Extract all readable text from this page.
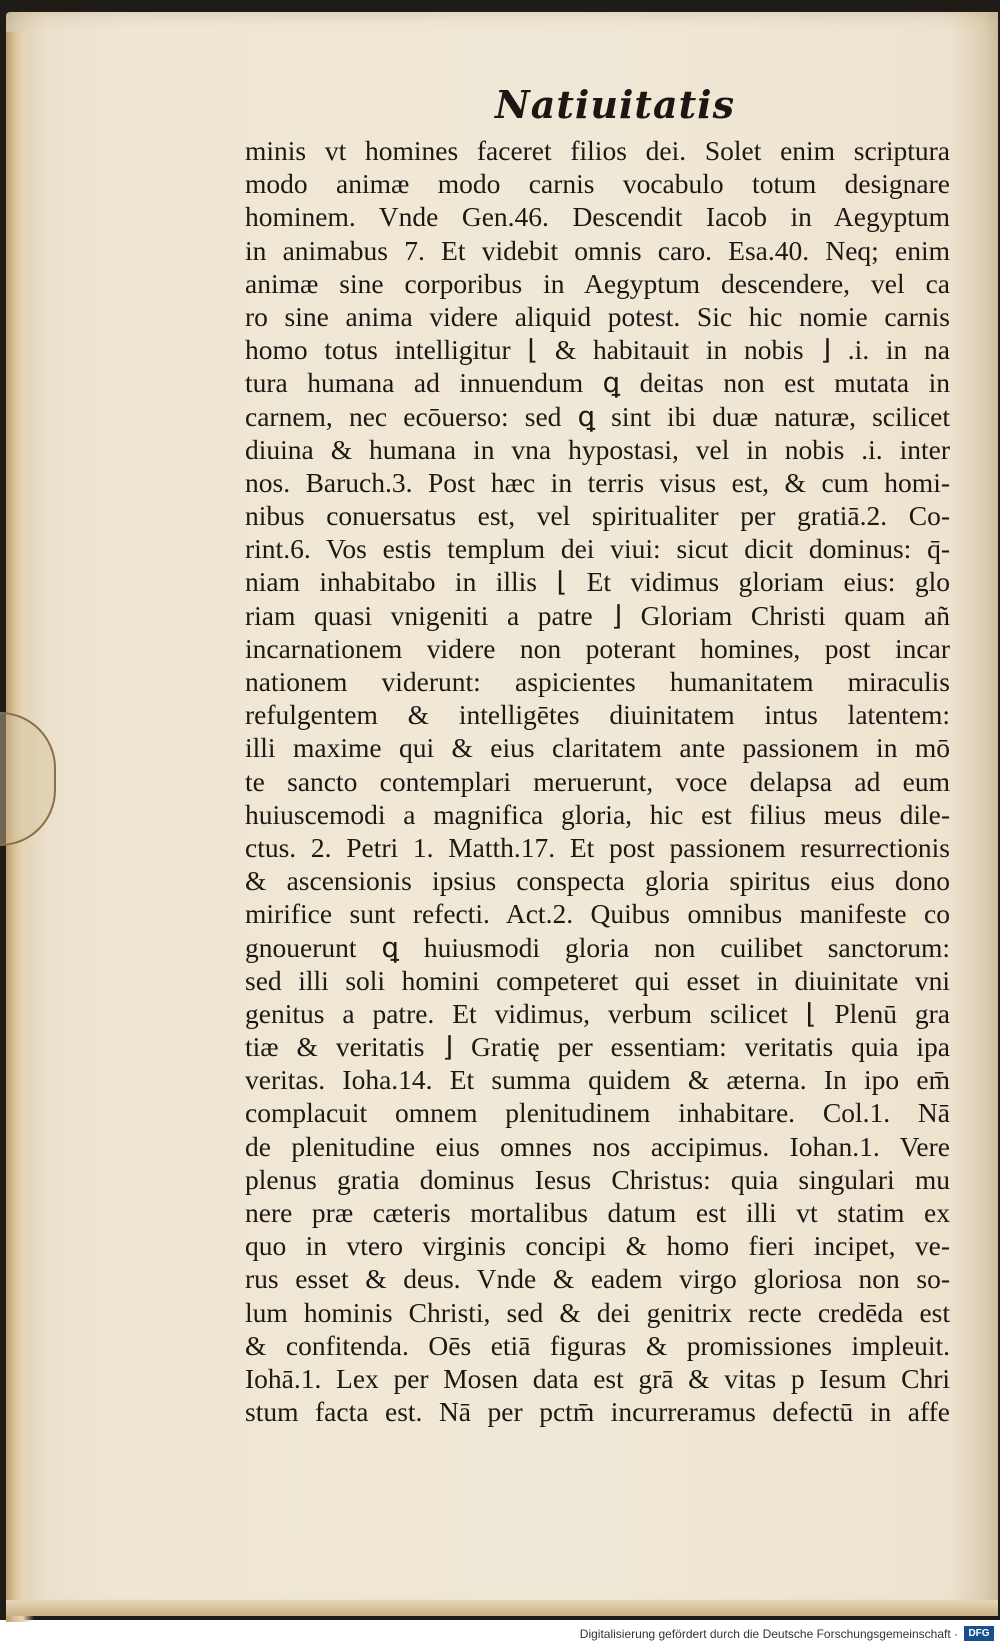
Natiuitatis
minis vt homines faceret filios dei. Solet enim scriptura
modo animæ modo carnis vocabulo totum designare
hominem. Vnde Gen.46. Descendit Iacob in Aegyptum
in animabus 7. Et videbit omnis caro. Esa.40. Neq; enim
animæ sine corporibus in Aegyptum descendere, vel ca
ro sine anima videre aliquid potest. Sic hic nomie carnis
homo totus intelligitur ⌊ & habitauit in nobis ⌋ .i. in na
tura humana ad innuendum ꝗ deitas non est mutata in
carnem, nec ecōuerso: sed ꝗ sint ibi duæ naturæ, scilicet
diuina & humana in vna hypostasi, vel in nobis .i. inter
nos. Baruch.3. Post hæc in terris visus est, & cum homi-
nibus conuersatus est, vel spiritualiter per gratiā.2. Co-
rint.6. Vos estis templum dei viui: sicut dicit dominus: q̄-
niam inhabitabo in illis ⌊ Et vidimus gloriam eius: glo
riam quasi vnigeniti a patre ⌋ Gloriam Christi quam añ
incarnationem videre non poterant homines, post incar
nationem viderunt: aspicientes humanitatem miraculis
refulgentem & intelligētes diuinitatem intus latentem:
illi maxime qui & eius claritatem ante passionem in mō
te sancto contemplari meruerunt, voce delapsa ad eum
huiuscemodi a magnifica gloria, hic est filius meus dile-
ctus. 2. Petri 1. Matth.17. Et post passionem resurrectionis
& ascensionis ipsius conspecta gloria spiritus eius dono
mirifice sunt refecti. Act.2. Quibus omnibus manifeste co
gnouerunt ꝗ huiusmodi gloria non cuilibet sanctorum:
sed illi soli homini competeret qui esset in diuinitate vni
genitus a patre. Et vidimus, verbum scilicet ⌊ Plenū gra
tiæ & veritatis ⌋ Gratię per essentiam: veritatis quia ipa
veritas. Ioha.14. Et summa quidem & æterna. In ipo em̄
complacuit omnem plenitudinem inhabitare. Col.1. Nā
de plenitudine eius omnes nos accipimus. Iohan.1. Vere
plenus gratia dominus Iesus Christus: quia singulari mu
nere præ cæteris mortalibus datum est illi vt statim ex
quo in vtero virginis concipi & homo fieri incipet, ve-
rus esset & deus. Vnde & eadem virgo gloriosa non so-
lum hominis Christi, sed & dei genitrix recte credēda est
& confitenda. Oēs etiā figuras & promissiones impleuit.
Iohā.1. Lex per Mosen data est grā & vitas p Iesum Chri
stum facta est. Nā per pctm̄ incurreramus defectū in affe
Digitalisierung gefördert durch die Deutsche Forschungsgemeinschaft ·	DFG
